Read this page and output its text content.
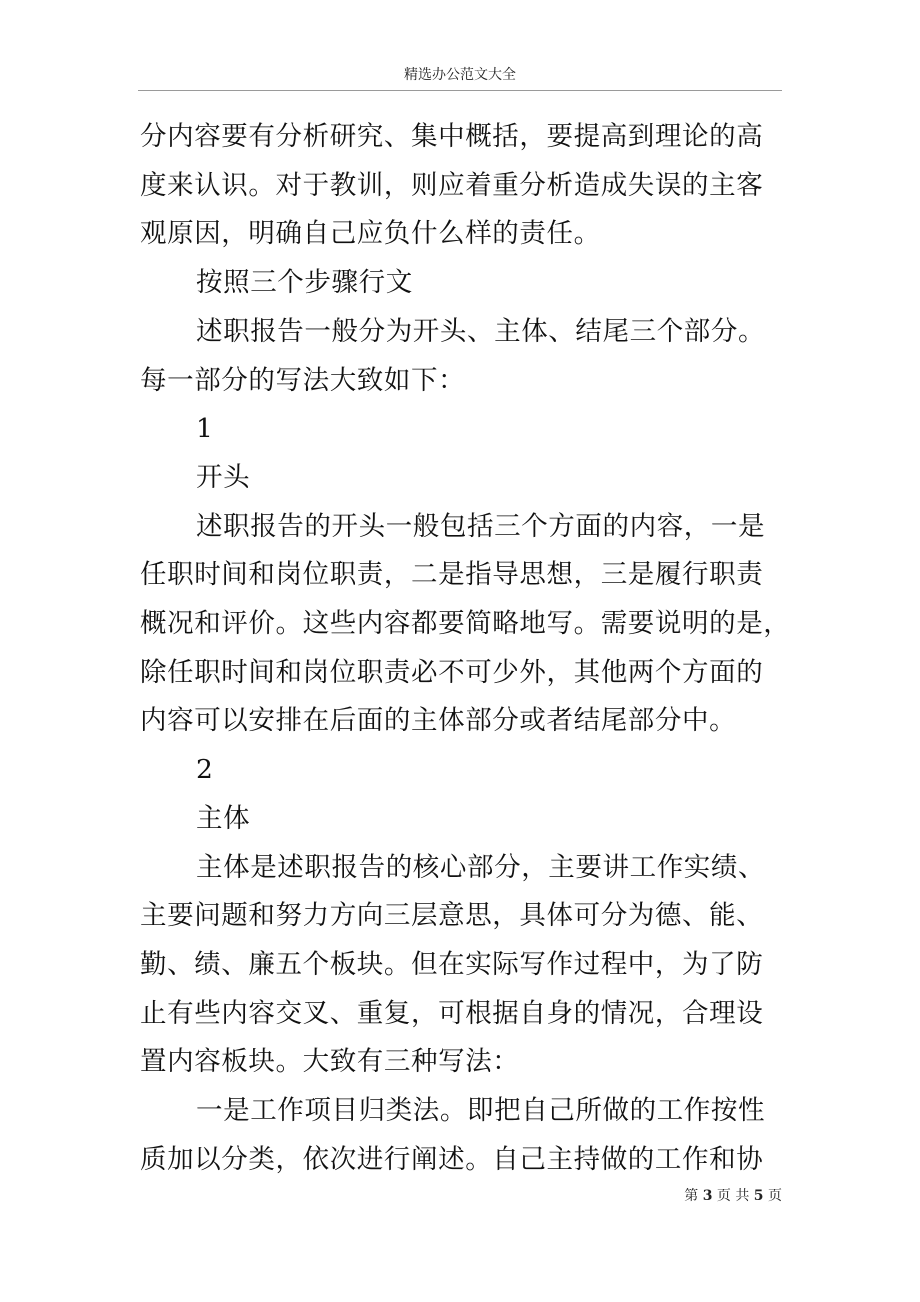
精选办公范文大全

分内容要有分析研究、集中概括，要提高到理论的高

度来认识。对于教训，则应着重分析造成失误的主客

观原因，明确自己应负什么样的责任。

按照三个步骤行文

述职报告一般分为开头、主体、结尾三个部分。

每一部分的写法大致如下：

1

开头

述职报告的开头一般包括三个方面的内容，一是

任职时间和岗位职责，二是指导思想，三是履行职责

概况和评价。这些内容都要简略地写。需要说明的是，

除任职时间和岗位职责必不可少外，其他两个方面的

内容可以安排在后面的主体部分或者结尾部分中。

2

主体

主体是述职报告的核心部分，主要讲工作实绩、

主要问题和努力方向三层意思，具体可分为德、能、

勤、绩、廉五个板块。但在实际写作过程中，为了防

止有些内容交叉、重复，可根据自身的情况，合理设

置内容板块。大致有三种写法：

一是工作项目归类法。即把自己所做的工作按性

质加以分类，依次进行阐述。自己主持做的工作和协

第 3 页 共 5 页
